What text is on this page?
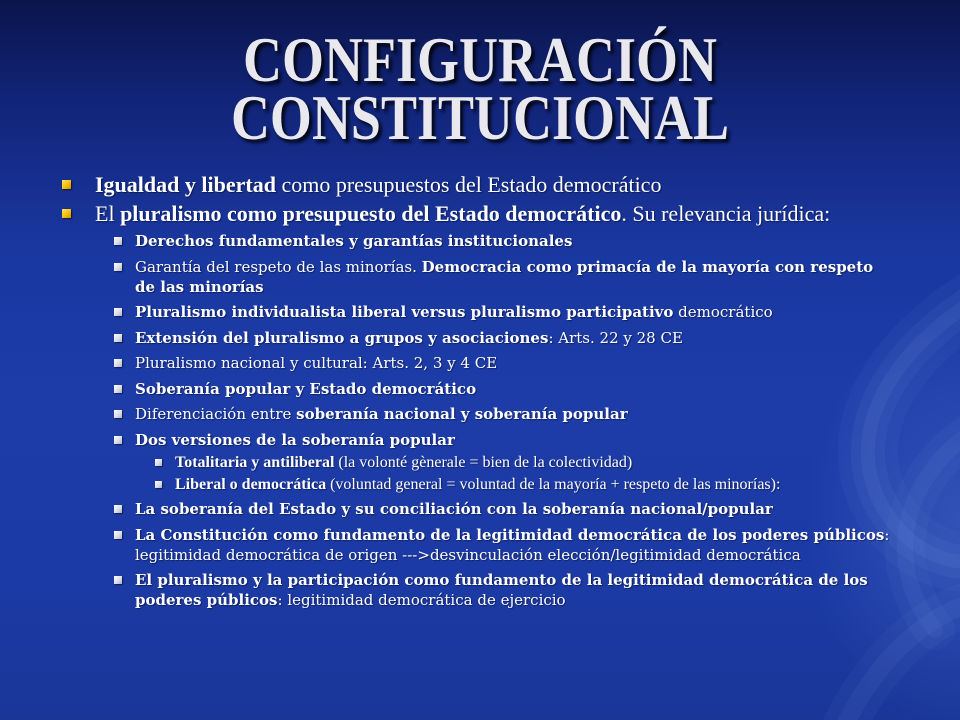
CONFIGURACIÓN
CONSTITUCIONAL
Igualdad y libertad como presupuestos del Estado democrático
El pluralismo como presupuesto del Estado democrático. Su relevancia jurídica:
Derechos fundamentales y garantías institucionales
Garantía del respeto de las minorías. Democracia como primacía de la mayoría con respeto de las minorías
Pluralismo individualista liberal versus pluralismo participativo democrático
Extensión del pluralismo a grupos y asociaciones: Arts. 22 y 28 CE
Pluralismo nacional y cultural: Arts. 2, 3 y 4 CE
Soberanía popular y Estado democrático
Diferenciación entre soberanía nacional y soberanía popular
Dos versiones de la soberanía popular
Totalitaria y antiliberal (la volonté gènerale = bien de la colectividad)
Liberal o democrática (voluntad general = voluntad de la mayoría + respeto de las minorías):
La soberanía del Estado y su conciliación con la soberanía nacional/popular
La Constitución como fundamento de la legitimidad democrática de los poderes públicos: legitimidad democrática de origen --->desvinculación elección/legitimidad democrática
El pluralismo y la participación como fundamento de la legitimidad democrática de los poderes públicos: legitimidad democrática de ejercicio
